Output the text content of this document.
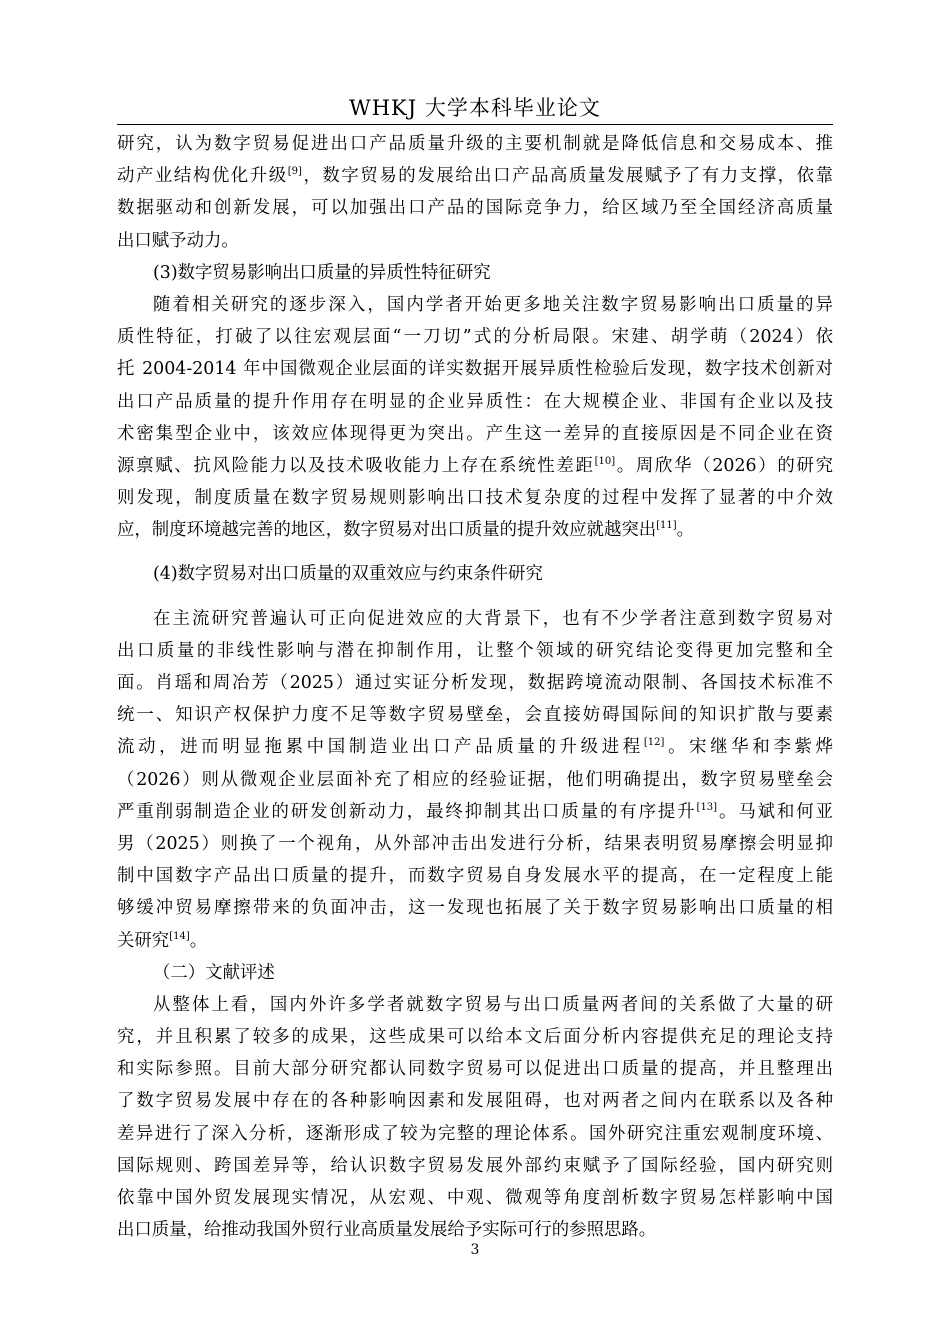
WHKJ 大学本科毕业论文
研究，认为数字贸易促进出口产品质量升级的主要机制就是降低信息和交易成本、推
动产业结构优化升级[9]，数字贸易的发展给出口产品高质量发展赋予了有力支撑，依靠
数据驱动和创新发展，可以加强出口产品的国际竞争力，给区域乃至全国经济高质量
出口赋予动力。
(3)数字贸易影响出口质量的异质性特征研究
随着相关研究的逐步深入，国内学者开始更多地关注数字贸易影响出口质量的异
质性特征，打破了以往宏观层面“一刀切”式的分析局限。宋建、胡学萌（2024）依
托 2004-2014 年中国微观企业层面的详实数据开展异质性检验后发现，数字技术创新对
出口产品质量的提升作用存在明显的企业异质性：在大规模企业、非国有企业以及技
术密集型企业中，该效应体现得更为突出。产生这一差异的直接原因是不同企业在资
源禀赋、抗风险能力以及技术吸收能力上存在系统性差距[10]。周欣华（2026）的研究
则发现，制度质量在数字贸易规则影响出口技术复杂度的过程中发挥了显著的中介效
应，制度环境越完善的地区，数字贸易对出口质量的提升效应就越突出[11]。
(4)数字贸易对出口质量的双重效应与约束条件研究
在主流研究普遍认可正向促进效应的大背景下，也有不少学者注意到数字贸易对
出口质量的非线性影响与潜在抑制作用，让整个领域的研究结论变得更加完整和全
面。肖瑶和周冶芳（2025）通过实证分析发现，数据跨境流动限制、各国技术标准不
统一、知识产权保护力度不足等数字贸易壁垒，会直接妨碍国际间的知识扩散与要素
流动，进而明显拖累中国制造业出口产品质量的升级进程[12]。宋继华和李紫烨
（2026）则从微观企业层面补充了相应的经验证据，他们明确提出，数字贸易壁垒会
严重削弱制造企业的研发创新动力，最终抑制其出口质量的有序提升[13]。马斌和何亚
男（2025）则换了一个视角，从外部冲击出发进行分析，结果表明贸易摩擦会明显抑
制中国数字产品出口质量的提升，而数字贸易自身发展水平的提高，在一定程度上能
够缓冲贸易摩擦带来的负面冲击，这一发现也拓展了关于数字贸易影响出口质量的相
关研究[14]。
（二）文献评述
从整体上看，国内外许多学者就数字贸易与出口质量两者间的关系做了大量的研
究，并且积累了较多的成果，这些成果可以给本文后面分析内容提供充足的理论支持
和实际参照。目前大部分研究都认同数字贸易可以促进出口质量的提高，并且整理出
了数字贸易发展中存在的各种影响因素和发展阻碍，也对两者之间内在联系以及各种
差异进行了深入分析，逐渐形成了较为完整的理论体系。国外研究注重宏观制度环境、
国际规则、跨国差异等，给认识数字贸易发展外部约束赋予了国际经验，国内研究则
依靠中国外贸发展现实情况，从宏观、中观、微观等角度剖析数字贸易怎样影响中国
出口质量，给推动我国外贸行业高质量发展给予实际可行的参照思路。
3
